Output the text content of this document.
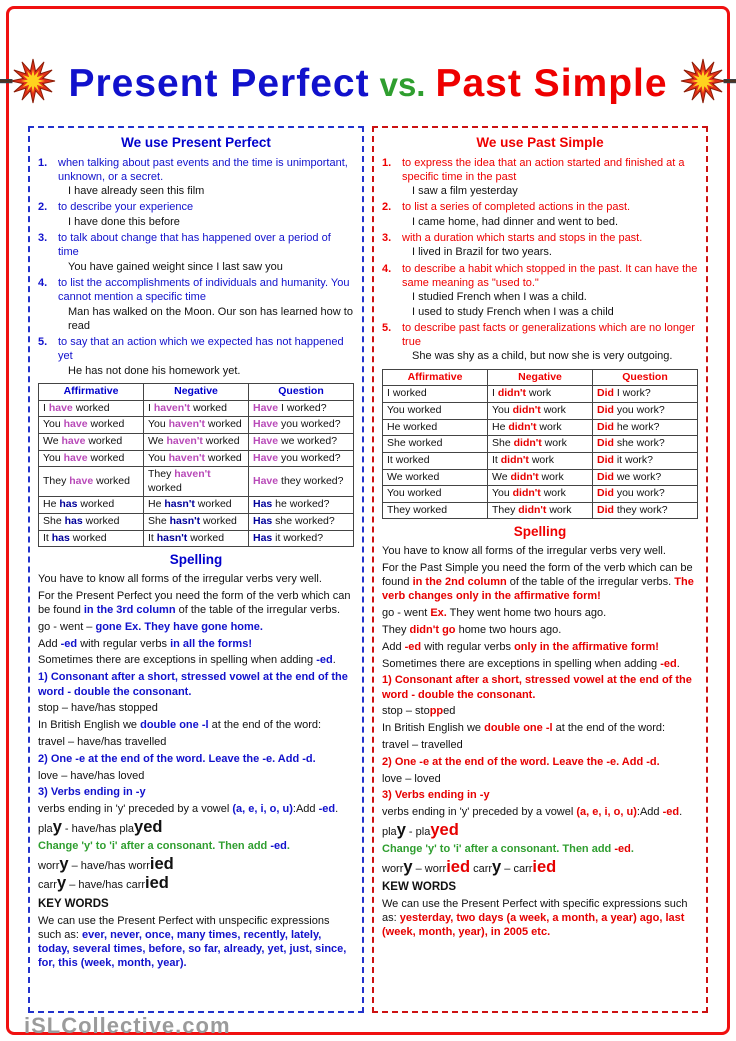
Present Perfect vs. Past Simple
We use Present Perfect
1. when talking about past events and the time is unimportant, unknown, or a secret.
I have already seen this film
2. to describe your experience
I have done this before
3. to talk about change that has happened over a period of time
You have gained weight since I last saw you
4. to list the accomplishments of individuals and humanity. You cannot mention a specific time
Man has walked on the Moon. Our son has learned how to read
5. to say that an action which we expected has not happened yet
He has not done his homework yet.
Affirmative	Negative	Question
I have worked	I haven't worked	Have I worked?
You have worked	You haven't worked	Have you worked?
We have worked	We haven't worked	Have we worked?
You have worked	You haven't worked	Have you worked?
They have worked	They haven't worked	Have they worked?
He has worked	He hasn't worked	Has he worked?
She has worked	She hasn't worked	Has she worked?
It has worked	It hasn't worked	Has it worked?
Spelling
You have to know all forms of the irregular verbs very well.
For the Present Perfect you need the form of the verb which can be found in the 3rd column of the table of the irregular verbs.
go - went – gone Ex. They have gone home.
Add -ed with regular verbs in all the forms!
Sometimes there are exceptions in spelling when adding -ed.
1) Consonant after a short, stressed vowel at the end of the word - double the consonant.
stop – have/has stopped
In British English we double one -l at the end of the word:
travel – have/has travelled
2) One -e at the end of the word. Leave the -e. Add -d.
love – have/has loved
3) Verbs ending in -y
verbs ending in 'y' preceded by a vowel (a, e, i, o, u):Add -ed.
play - have/has played
Change 'y' to 'i' after a consonant. Then add -ed.
worry – have/has worried
carry – have/has carried
KEY WORDS
We can use the Present Perfect with unspecific expressions such as: ever, never, once, many times, recently, lately, today, several times, before, so far, already, yet, just, since, for, this (week, month, year).
We use Past Simple
1. to express the idea that an action started and finished at a specific time in the past
I saw a film yesterday
2. to list a series of completed actions in the past.
I came home, had dinner and went to bed.
3. with a duration which starts and stops in the past.
I lived in Brazil for two years.
4. to describe a habit which stopped in the past. It can have the same meaning as "used to."
I studied French when I was a child.
I used to study French when I was a child
5. to describe past facts or generalizations which are no longer true
She was shy as a child, but now she is very outgoing.
Affirmative	Negative	Question
I worked	I didn't work	Did I work?
You worked	You didn't work	Did you work?
He worked	He didn't work	Did he work?
She worked	She didn't work	Did she work?
It worked	It didn't work	Did it work?
We worked	We didn't work	Did we work?
You worked	You didn't work	Did you work?
They worked	They didn't work	Did they work?
Spelling
You have to know all forms of the irregular verbs very well.
For the Past Simple you need the form of the verb which can be found in the 2nd column of the table of the irregular verbs. The verb changes only in the affirmative form!
go - went Ex. They went home two hours ago.
They didn't go home two hours ago.
Add -ed with regular verbs only in the affirmative form!
Sometimes there are exceptions in spelling when adding -ed.
1) Consonant after a short, stressed vowel at the end of the word - double the consonant.
stop – stopped
In British English we double one -l at the end of the word:
travel – travelled
2) One -e at the end of the word. Leave the -e. Add -d.
love – loved
3) Verbs ending in -y
verbs ending in 'y' preceded by a vowel (a, e, i, o, u):Add -ed.
play - played
Change 'y' to 'i' after a consonant. Then add -ed.
worry – worried carry – carried
KEW WORDS
We can use the Present Perfect with specific expressions such as: yesterday, two days (a week, a month, a year) ago, last (week, month, year), in 2005 etc.
iSLCollective.com
